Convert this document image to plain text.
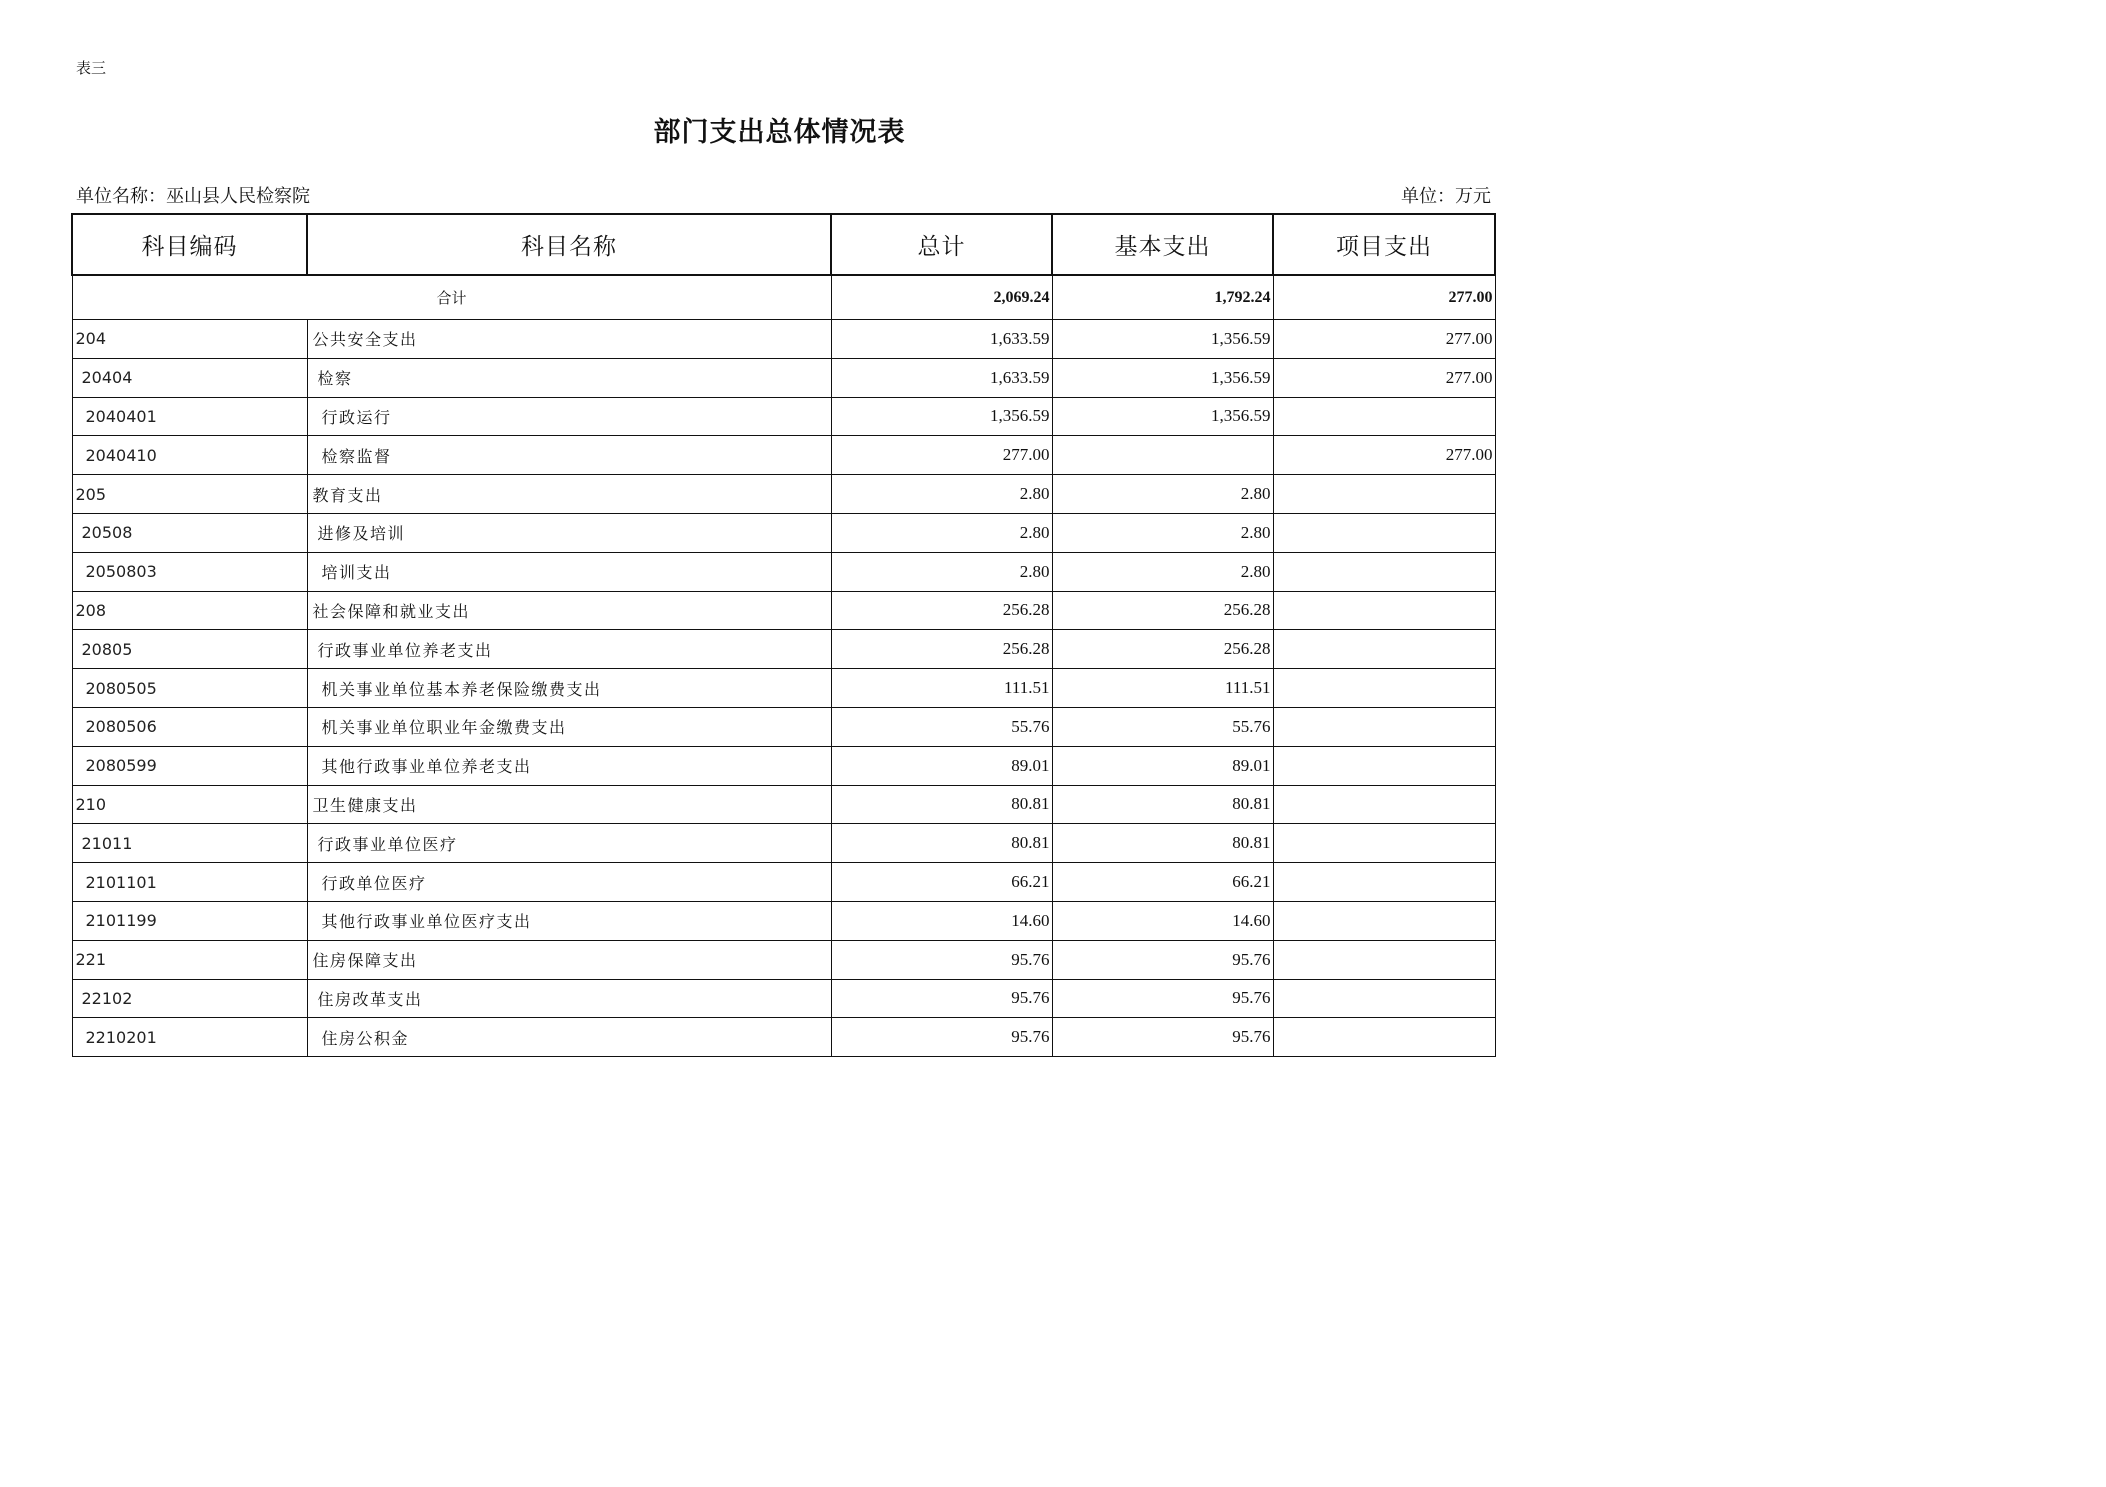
表三
部门支出总体情况表
单位名称：巫山县人民检察院	单位：万元
科目编码	科目名称	总计	基本支出	项目支出
合计		2,069.24	1,792.24	277.00
204	公共安全支出	1,633.59	1,356.59	277.00
20404	检察	1,633.59	1,356.59	277.00
2040401	行政运行	1,356.59	1,356.59	
2040410	检察监督	277.00		277.00
205	教育支出	2.80	2.80	
20508	进修及培训	2.80	2.80	
2050803	培训支出	2.80	2.80	
208	社会保障和就业支出	256.28	256.28	
20805	行政事业单位养老支出	256.28	256.28	
2080505	机关事业单位基本养老保险缴费支出	111.51	111.51	
2080506	机关事业单位职业年金缴费支出	55.76	55.76	
2080599	其他行政事业单位养老支出	89.01	89.01	
210	卫生健康支出	80.81	80.81	
21011	行政事业单位医疗	80.81	80.81	
2101101	行政单位医疗	66.21	66.21	
2101199	其他行政事业单位医疗支出	14.60	14.60	
221	住房保障支出	95.76	95.76	
22102	住房改革支出	95.76	95.76	
2210201	住房公积金	95.76	95.76	
